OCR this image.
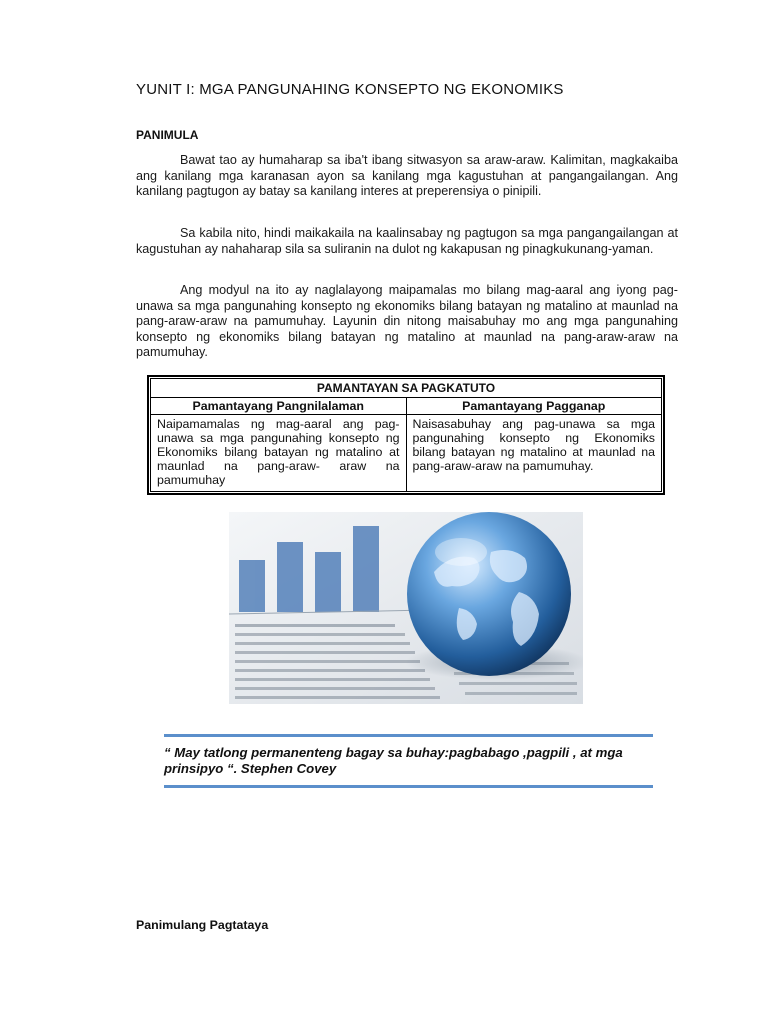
YUNIT I: MGA PANGUNAHING KONSEPTO NG EKONOMIKS
PANIMULA

Bawat tao ay humaharap sa iba't ibang sitwasyon sa araw-araw. Kalimitan, magkakaiba ang kanilang mga karanasan ayon sa kanilang mga kagustuhan at pangangailangan. Ang kanilang pagtugon ay batay sa kanilang interes at preperensiya o pinipili.

Sa kabila nito, hindi maikakaila na kaalinsabay ng pagtugon sa mga pangangailangan at kagustuhan ay nahaharap sila sa suliranin na dulot ng kakapusan ng pinagkukunang-yaman.

Ang modyul na ito ay naglalayong maipamalas mo bilang mag-aaral ang iyong pag-unawa sa mga pangunahing konsepto ng ekonomiks bilang batayan ng matalino at maunlad na pang-araw-araw na pamumuhay. Layunin din nitong maisabuhay mo ang mga pangunahing konsepto ng ekonomiks bilang batayan ng matalino at maunlad na pang-araw-araw na pamumuhay.

PAMANTAYAN SA PAGKATUTO	
Pamantayang Pangnilalaman	Pamantayang Pagganap
Naipamamalas ng mag-aaral ang pag- unawa sa mga pangunahing konsepto ng Ekonomiks bilang batayan ng matalino at maunlad na pang-araw- araw na pamumuhay	Naisasabuhay ang pag-unawa sa mga pangunahing konsepto ng Ekonomiks bilang batayan ng matalino at maunlad na pang-araw-araw na pamumuhay.
“ May tatlong permanenteng bagay sa buhay:pagbabago ,pagpili , at mga prinsipyo “. Stephen Covey
Panimulang Pagtataya
